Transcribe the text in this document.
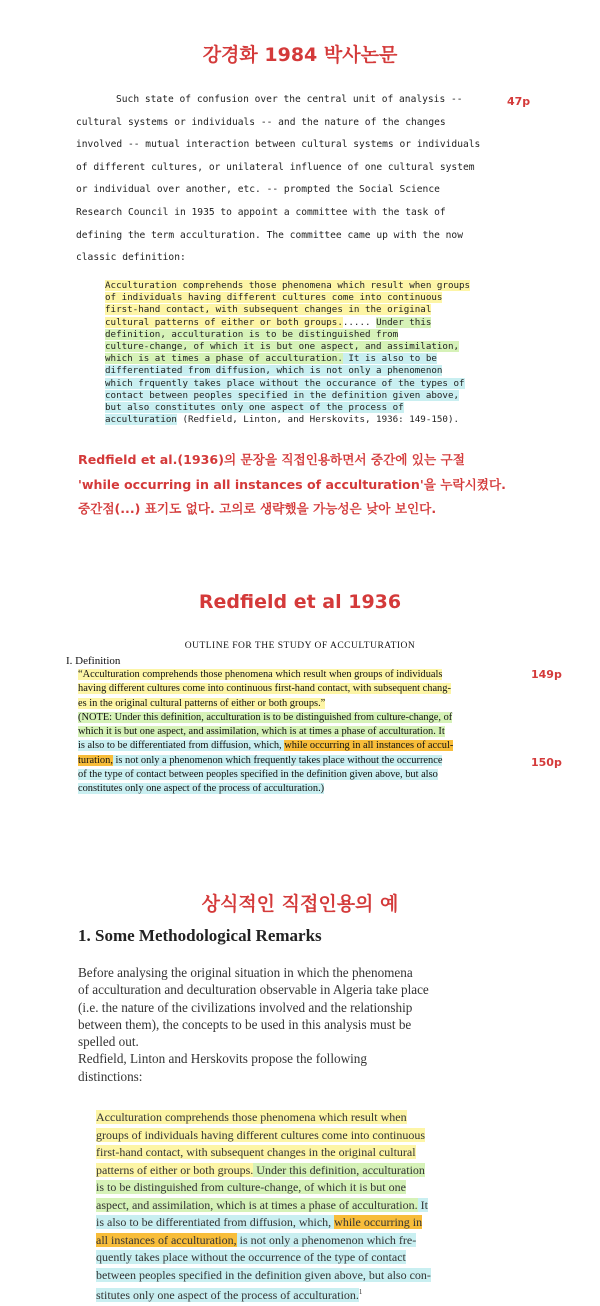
강경화 1984 박사논문
47p
Such state of confusion over the central unit of analysis --
cultural systems or individuals -- and the nature of the changes
involved -- mutual interaction between cultural systems or individuals
of different cultures, or unilateral influence of one cultural system
or individual over another, etc. -- prompted the Social Science
Research Council in 1935 to appoint a committee with the task of
defining the term acculturation. The committee came up with the now
classic definition:
Acculturation comprehends those phenomena which result when groups
of individuals having different cultures come into continuous
first-hand contact, with subsequent changes in the original
cultural patterns of either or both groups...... Under this
definition, acculturation is to be distinguished from
culture-change, of which it is but one aspect, and assimilation,
which is at times a phase of acculturation. It is also to be
differentiated from diffusion, which is not only a phenomenon
which frquently takes place without the occurance of the types of
contact between peoples specified in the definition given above,
but also constitutes only one aspect of the process of
acculturation (Redfield, Linton, and Herskovits, 1936: 149-150).
Redfield et al.(1936)의 문장을 직접인용하면서 중간에 있는 구절
'while occurring in all instances of acculturation'을 누락시켰다.
중간점(...) 표기도 없다. 고의로 생략했을 가능성은 낮아 보인다.
Redfield et al 1936
OUTLINE FOR THE STUDY OF ACCULTURATION
I. Definition
149p
150p
“Acculturation comprehends those phenomena which result when groups of individuals
having different cultures come into continuous first-hand contact, with subsequent chang-
es in the original cultural patterns of either or both groups.”
(NOTE: Under this definition, acculturation is to be distinguished from culture-change, of
which it is but one aspect, and assimilation, which is at times a phase of acculturation. It
is also to be differentiated from diffusion, which, while occurring in all instances of accul-
turation, is not only a phenomenon which frequently takes place without the occurrence
of the type of contact between peoples specified in the definition given above, but also
constitutes only one aspect of the process of acculturation.)
상식적인 직접인용의 예
1. Some Methodological Remarks
Before analysing the original situation in which the phenomena
of acculturation and deculturation observable in Algeria take place
(i.e. the nature of the civilizations involved and the relationship
between them), the concepts to be used in this analysis must be
spelled out.
Redfield, Linton and Herskovits propose the following
distinctions:
Acculturation comprehends those phenomena which result when
groups of individuals having different cultures come into continuous
first-hand contact, with subsequent changes in the original cultural
patterns of either or both groups. Under this definition, acculturation
is to be distinguished from culture-change, of which it is but one
aspect, and assimilation, which is at times a phase of acculturation. It
is also to be differentiated from diffusion, which, while occurring in
all instances of acculturation, is not only a phenomenon which fre-
quently takes place without the occurrence of the type of contact
between peoples specified in the definition given above, but also con-
stitutes only one aspect of the process of acculturation.$^1$
